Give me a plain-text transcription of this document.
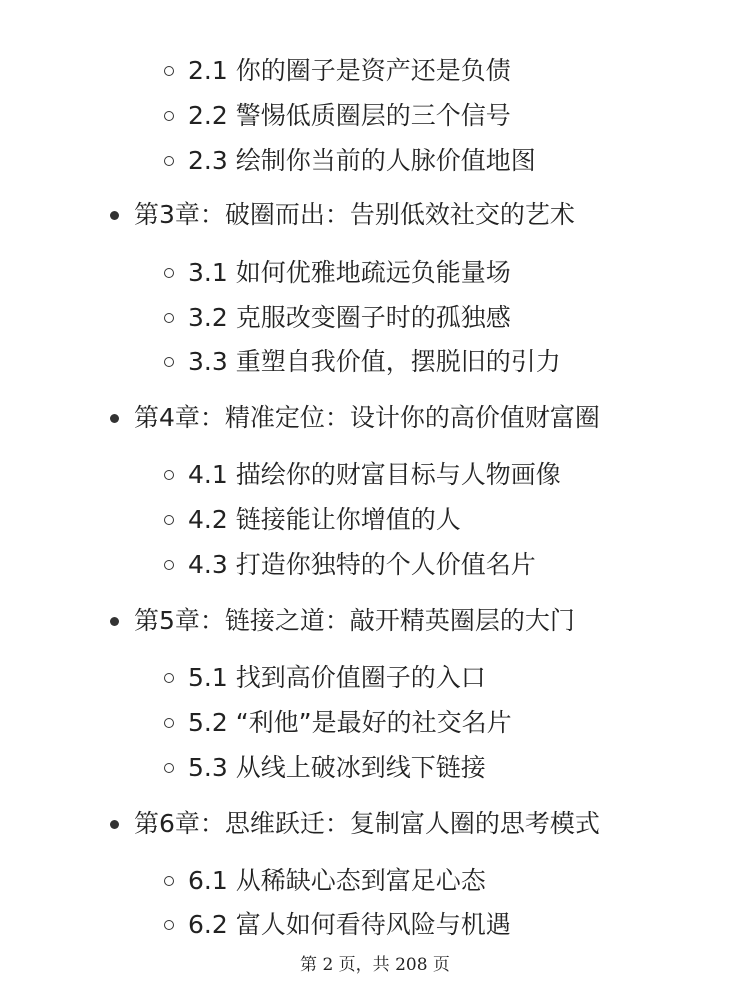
2.1 你的圈子是资产还是负债
2.2 警惕低质圈层的三个信号
2.3 绘制你当前的人脉价值地图
第3章：破圈而出：告别低效社交的艺术
3.1 如何优雅地疏远负能量场
3.2 克服改变圈子时的孤独感
3.3 重塑自我价值，摆脱旧的引力
第4章：精准定位：设计你的高价值财富圈
4.1 描绘你的财富目标与人物画像
4.2 链接能让你增值的人
4.3 打造你独特的个人价值名片
第5章：链接之道：敲开精英圈层的大门
5.1 找到高价值圈子的入口
5.2 “利他”是最好的社交名片
5.3 从线上破冰到线下链接
第6章：思维跃迁：复制富人圈的思考模式
6.1 从稀缺心态到富足心态
6.2 富人如何看待风险与机遇
第 2 页，共 208 页
